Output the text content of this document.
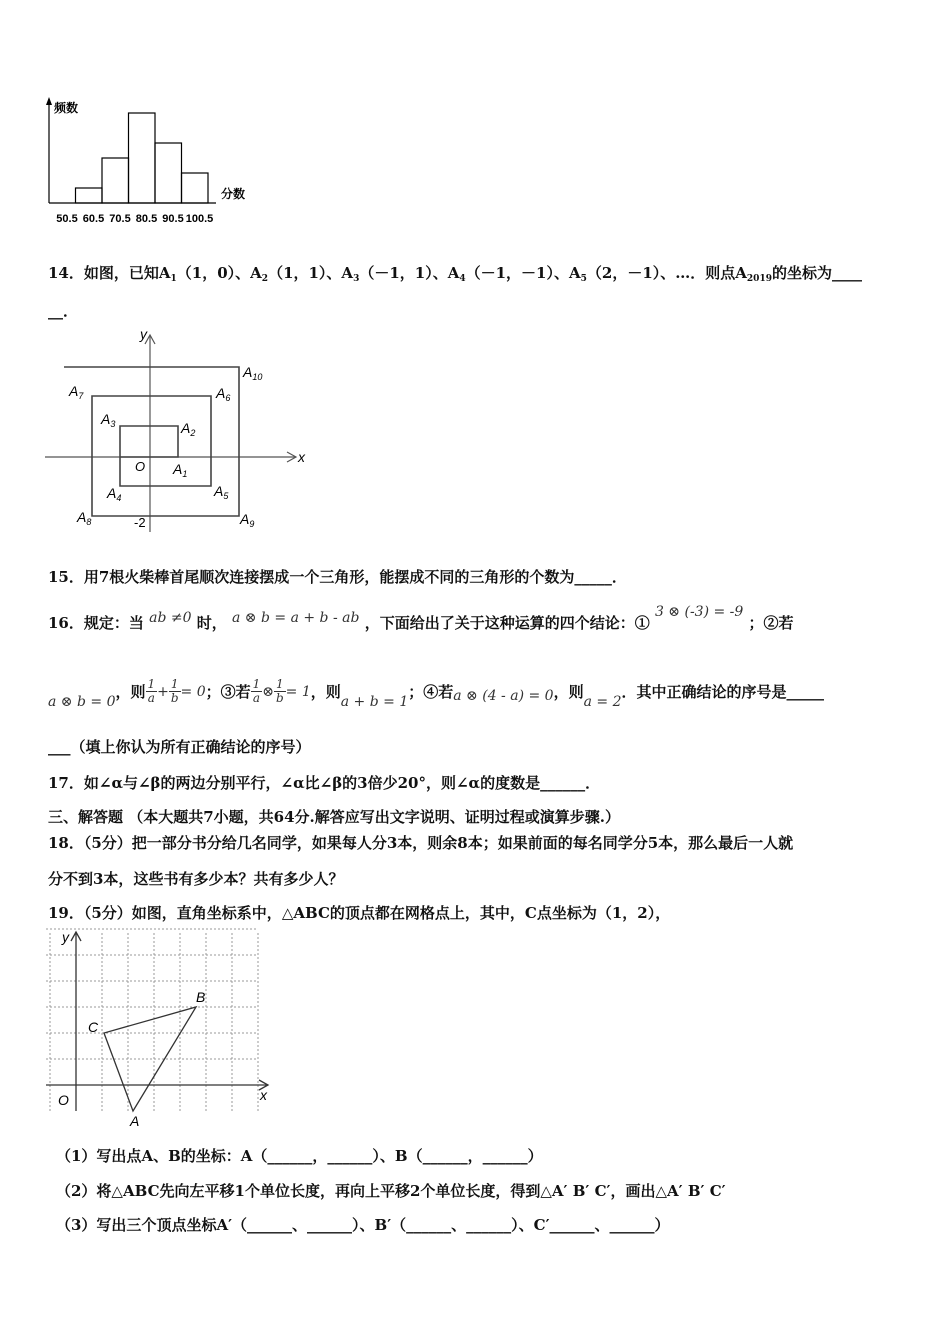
频数
分数
50.5 60.5 70.5 80.5 90.5 100.5
14．如图，已知$A_1(1$，0）、$A_2(1$，1）、$A_3(-1$，1）、$A_4(-1$，－1）、$A_5(2$，－1）、…．则点$A_{2019}$的坐标为____
__．
y
x
O
-2
$A_1$
$A_2$
$A_3$
$A_4$	$A_5$
$A_6$
$A_7$
$A_8$	$A_9$
$A_{10}$
15．用7根火柴棒首尾顺次连接摆成一个三角形，能摆成不同的三角形的个数为_____．
16．规定：当 ab ≠0 时， a ⊗ b = a + b - ab ，下面给出了关于这种运算的四个结论：① 3 ⊗ (-3) = -9 ；②若
a ⊗ b = 0
，则 $\frac{1}{a} + \frac{1}{b} = 0$ ；③若 $\frac{1}{a}$ ⊗ $\frac{1}{b} = 1$ ，则
a + b = 1
；④若 a ⊗ (4 - a) = 0 ，则
a = 2
．其中正确结论的序号是_____
___（填上你认为所有正确结论的序号）
17．如∠α与∠β的两边分别平行，∠α比∠β的3倍少20°，则∠α的度数是______．
三、解答题 （本大题共7小题，共64分.解答应写出文字说明、证明过程或演算步骤.）
18．（5分）把一部分书分给几名同学，如果每人分3本，则余8本；如果前面的每名同学分5本，那么最后一人就
分不到3本，这些书有多少本？共有多少人？
19．（5分）如图，直角坐标系中，△ABC的顶点都在网格点上，其中，C点坐标为（1，2），
y
x
O
A
B
C
（1）写出点A、B的坐标：A（______，______）、B（______，______）
（2）将△ABC先向左平移1个单位长度，再向上平移2个单位长度，得到△A′ B′ C′，画出△A′ B′ C′
（3）写出三个顶点坐标A′（______、______）、B′（______、______）、C′______、______）
